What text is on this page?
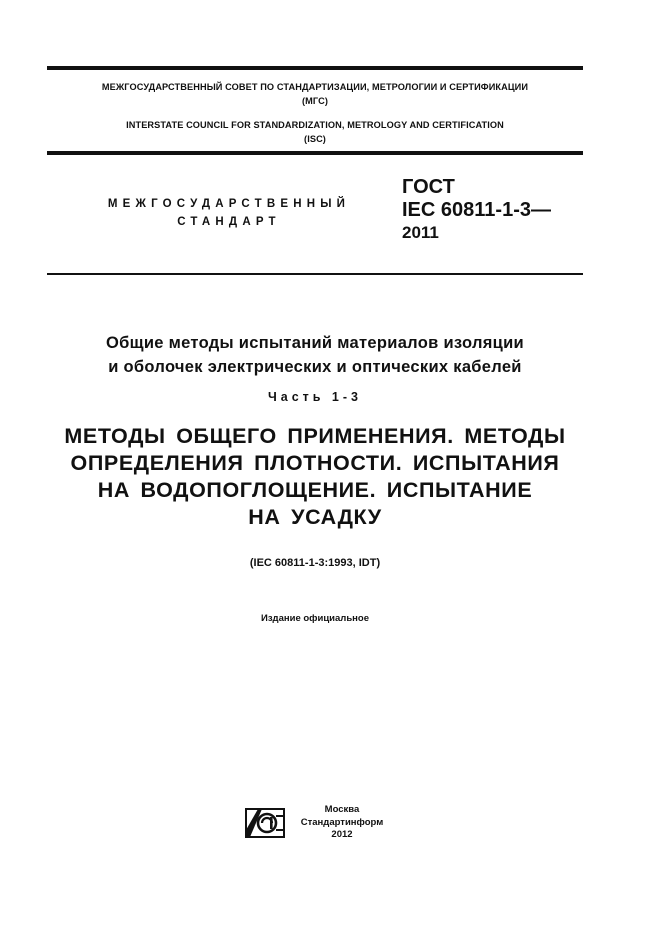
МЕЖГОСУДАРСТВЕННЫЙ СОВЕТ ПО СТАНДАРТИЗАЦИИ, МЕТРОЛОГИИ И СЕРТИФИКАЦИИ
(МГС)
INTERSTATE COUNCIL FOR STANDARDIZATION, METROLOGY AND CERTIFICATION
(ISC)
МЕЖГОСУДАРСТВЕННЫЙ
СТАНДАРТ
ГОСТ
IEC 60811-1-3—
2011
Общие методы испытаний материалов изоляции
и оболочек электрических и оптических кабелей
Часть 1-3
МЕТОДЫ ОБЩЕГО ПРИМЕНЕНИЯ. МЕТОДЫ
ОПРЕДЕЛЕНИЯ ПЛОТНОСТИ. ИСПЫТАНИЯ
НА ВОДОПОГЛОЩЕНИЕ. ИСПЫТАНИЕ
НА УСАДКУ
(IEC 60811-1-3:1993, IDT)
Издание официальное
Москва
Стандартинформ
2012
